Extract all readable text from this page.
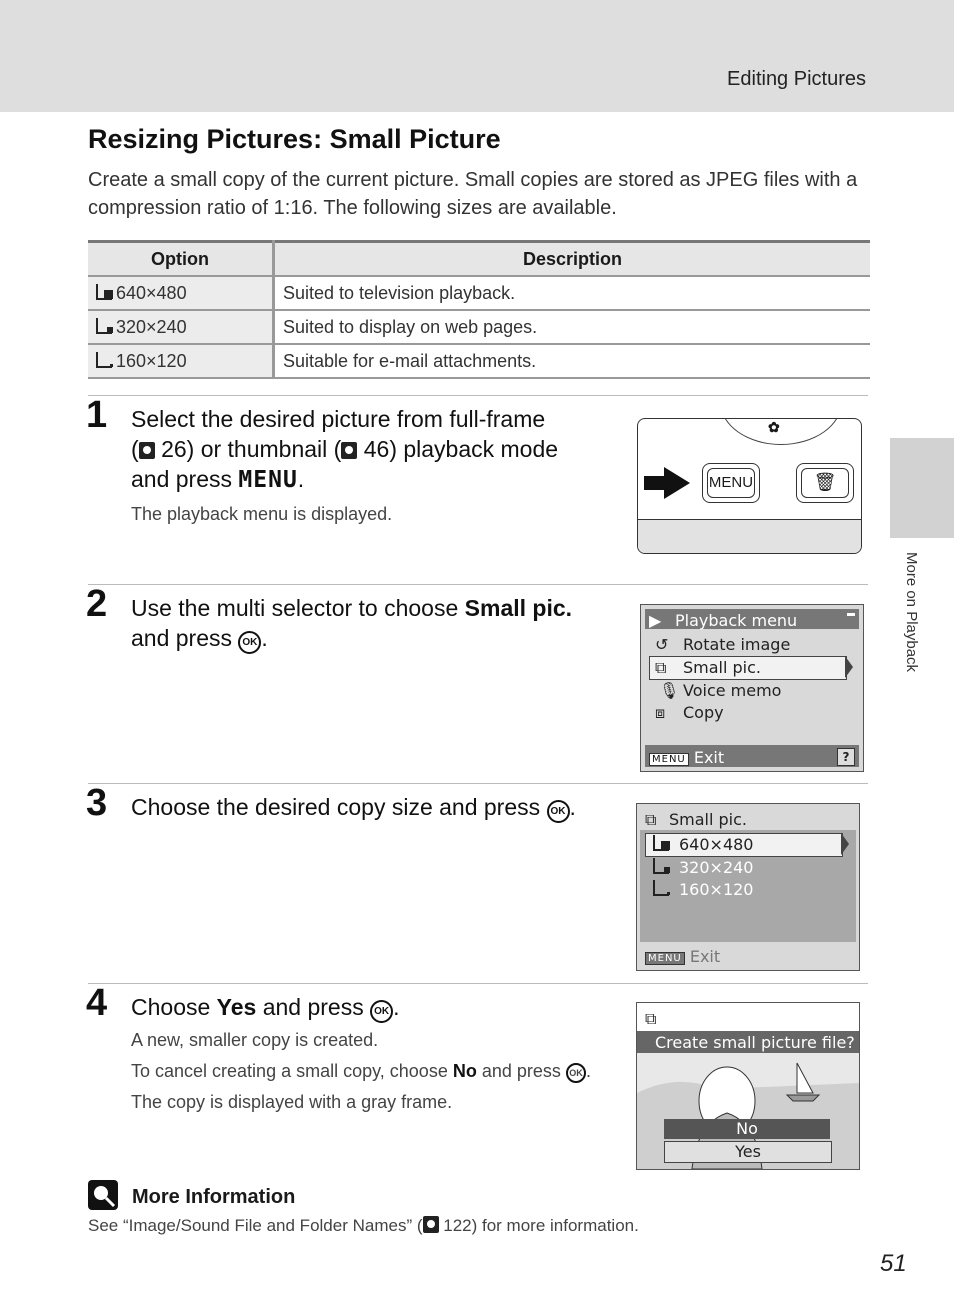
Editing Pictures
More on Playback
Resizing Pictures: Small Picture

Create a small copy of the current picture. Small copies are stored as JPEG files with a compression ratio of 1:16. The following sizes are available.

Option	Description

640×480	Suited to television playback.

320×240	Suited to display on web pages.

160×120	Suitable for e-mail attachments.
1 Select the desired picture from full-frame
( 26) or thumbnail ( 46) playback mode
and press MENU.

The playback menu is displayed.

✿
MENU	🗑
2 Use the multi selector to choose Small pic.
and press OK .
▶ Playback menu
↺ Rotate image
⧉ Small pic.
🎙 Voice memo
⧈ Copy
MENU Exit	?
3 Choose the desired copy size and press OK .	⧉ Small pic.
640×480
320×240
160×120
MENU Exit
4 Choose Yes and press OK .

A new, smaller copy is created.

To cancel creating a small copy, choose No and press OK .

The copy is displayed with a gray frame.

⧉
Create small picture file?
No
Yes
More Information
See “Image/Sound File and Folder Names” ( 122) for more information.
51
